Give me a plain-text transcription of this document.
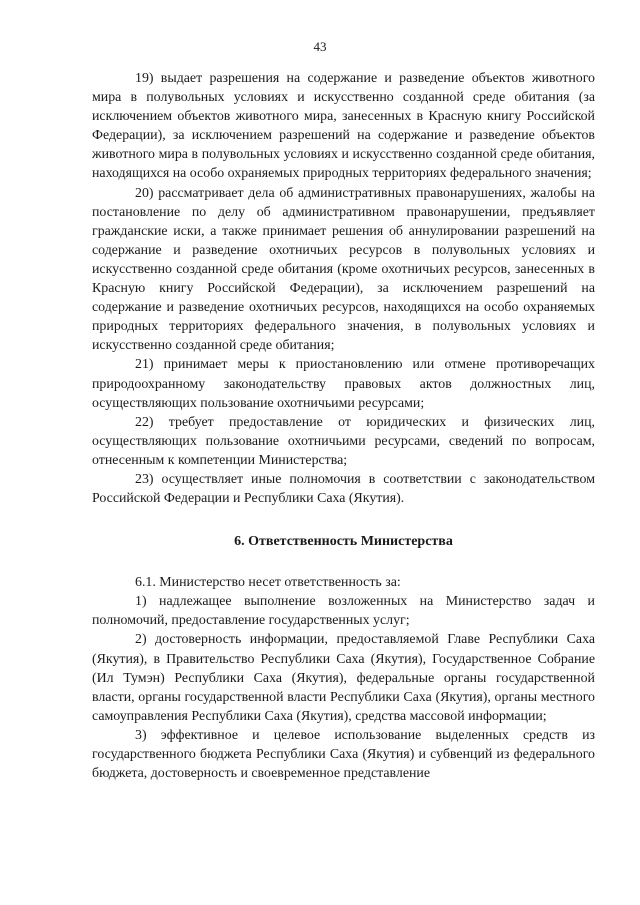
43

19) выдает разрешения на содержание и разведение объектов животного мира в полувольных условиях и искусственно созданной среде обитания (за исключением объектов животного мира, занесенных в Красную книгу Российской Федерации), за исключением разрешений на содержание и разведение объектов животного мира в полувольных условиях и искусственно созданной среде обитания, находящихся на особо охраняемых природных территориях федерального значения;

20) рассматривает дела об административных правонарушениях, жалобы на постановление по делу об административном правонарушении, предъявляет гражданские иски, а также принимает решения об аннулировании разрешений на содержание и разведение охотничьих ресурсов в полувольных условиях и искусственно созданной среде обитания (кроме охотничьих ресурсов, занесенных в Красную книгу Российской Федерации), за исключением разрешений на содержание и разведение охотничьих ресурсов, находящихся на особо охраняемых природных территориях федерального значения, в полувольных условиях и искусственно созданной среде обитания;

21) принимает меры к приостановлению или отмене противоречащих природоохранному законодательству правовых актов должностных лиц, осуществляющих пользование охотничьими ресурсами;

22) требует предоставление от юридических и физических лиц, осуществляющих пользование охотничьими ресурсами, сведений по вопросам, отнесенным к компетенции Министерства;

23) осуществляет иные полномочия в соответствии с законодательством Российской Федерации и Республики Саха (Якутия).

6. Ответственность Министерства

6.1. Министерство несет ответственность за:

1) надлежащее выполнение возложенных на Министерство задач и полномочий, предоставление государственных услуг;

2) достоверность информации, предоставляемой Главе Республики Саха (Якутия), в Правительство Республики Саха (Якутия), Государственное Собрание (Ил Тумэн) Республики Саха (Якутия), федеральные органы государственной власти, органы государственной власти Республики Саха (Якутия), органы местного самоуправления Республики Саха (Якутия), средства массовой информации;

3) эффективное и целевое использование выделенных средств из государственного бюджета Республики Саха (Якутия) и субвенций из федерального бюджета, достоверность и своевременное представление
